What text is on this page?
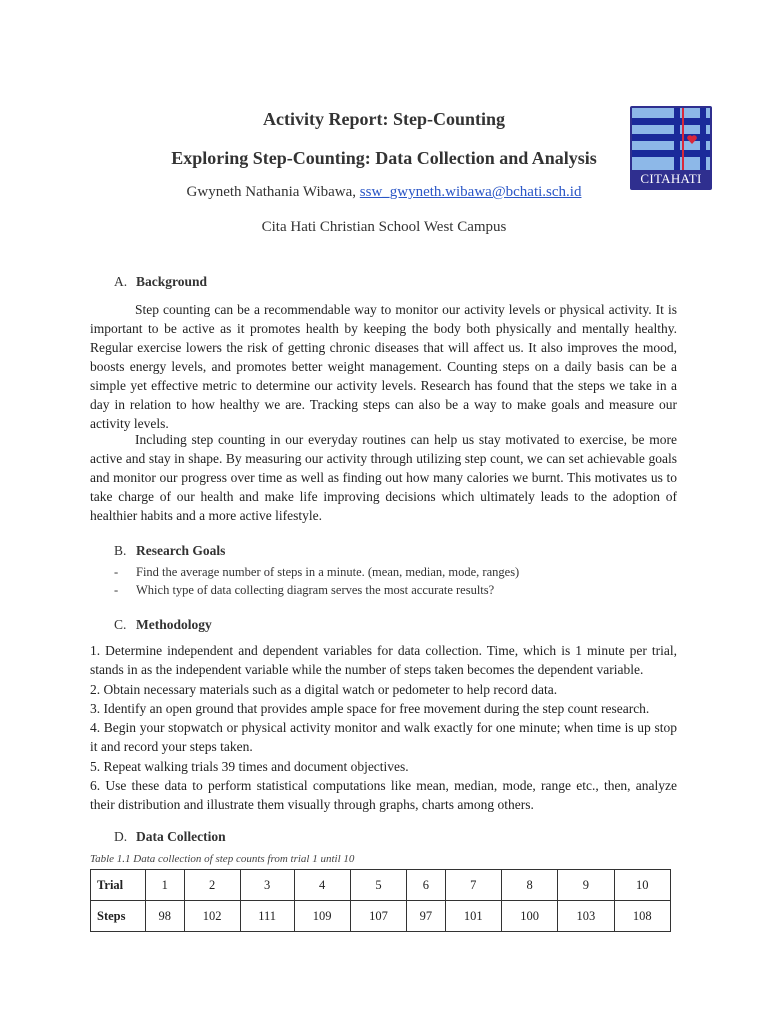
Activity Report: Step-Counting
Exploring Step-Counting: Data Collection and Analysis
Gwyneth Nathania Wibawa, ssw_gwyneth.wibawa@bchati.sch.id
Cita Hati Christian School West Campus
CITAHATI
A. Background

Step counting can be a recommendable way to monitor our activity levels or physical activity. It is important to be active as it promotes health by keeping the body both physically and mentally healthy. Regular exercise lowers the risk of getting chronic diseases that will affect us. It also improves the mood, boosts energy levels, and promotes better weight management. Counting steps on a daily basis can be a simple yet effective metric to determine our activity levels. Research has found that the steps we take in a day in relation to how healthy we are. Tracking steps can also be a way to make goals and measure our activity levels.

Including step counting in our everyday routines can help us stay motivated to exercise, be more active and stay in shape. By measuring our activity through utilizing step count, we can set achievable goals and monitor our progress over time as well as finding out how many calories we burnt. This motivates us to take charge of our health and make life improving decisions which ultimately leads to the adoption of healthier habits and a more active lifestyle.

B. Research Goals
- Find the average number of steps in a minute. (mean, median, mode, ranges)
- Which type of data collecting diagram serves the most accurate results?
C. Methodology
1. Determine independent and dependent variables for data collection. Time, which is 1 minute per trial, stands in as the independent variable while the number of steps taken becomes the dependent variable.
2. Obtain necessary materials such as a digital watch or pedometer to help record data.
3. Identify an open ground that provides ample space for free movement during the step count research.
4. Begin your stopwatch or physical activity monitor and walk exactly for one minute; when time is up stop it and record your steps taken.
5. Repeat walking trials 39 times and document objectives.
6. Use these data to perform statistical computations like mean, median, mode, range etc., then, analyze their distribution and illustrate them visually through graphs, charts among others.
D. Data Collection
Table 1.1 Data collection of step counts from trial 1 until 10
Trial	1	2	3	4	5	6	7	8	9	10
Steps	98	102	111	109	107	97	101	100	103	108
